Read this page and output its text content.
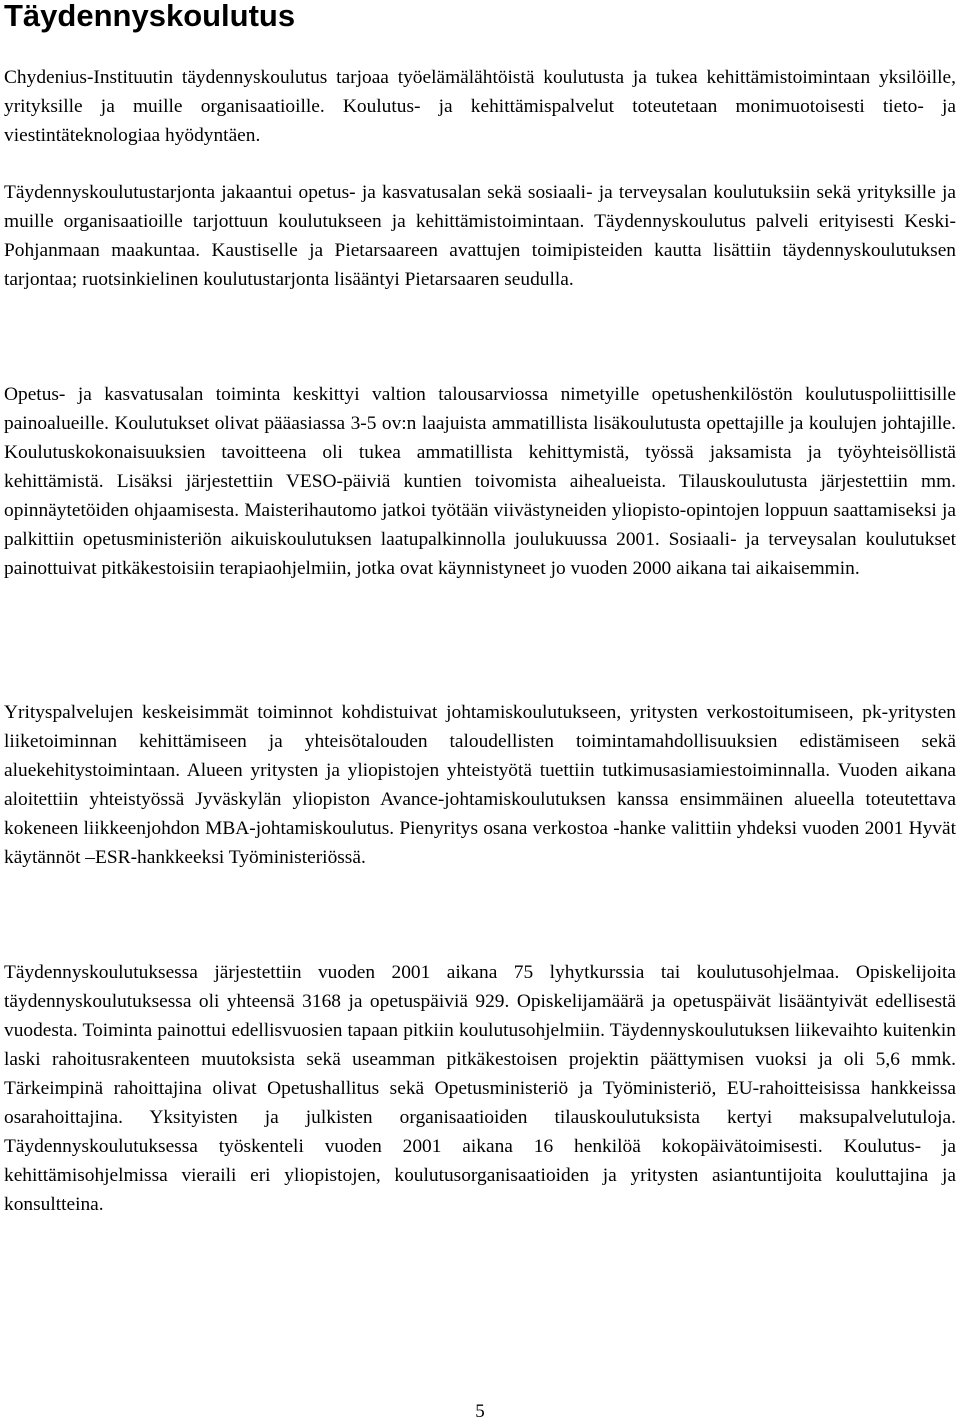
Täydennyskoulutus

Chydenius-Instituutin täydennyskoulutus tarjoaa työelämälähtöistä koulutusta ja tukea kehittämistoimintaan yksilöille, yrityksille ja muille organisaatioille. Koulutus- ja kehittämispalvelut toteutetaan monimuotoisesti tieto- ja viestintäteknologiaa hyödyntäen.

Täydennyskoulutustarjonta jakaantui opetus- ja kasvatusalan sekä sosiaali- ja terveysalan koulutuksiin sekä yrityksille ja muille organisaatioille tarjottuun koulutukseen ja kehittämistoimintaan. Täydennyskoulutus palveli erityisesti Keski-Pohjanmaan maakuntaa. Kaustiselle ja Pietarsaareen avattujen toimipisteiden kautta lisättiin täydennyskoulutuksen tarjontaa; ruotsinkielinen koulutustarjonta lisääntyi Pietarsaaren seudulla.

Opetus- ja kasvatusalan toiminta keskittyi valtion talousarviossa nimetyille opetushenkilöstön koulutuspoliittisille painoalueille. Koulutukset olivat pääasiassa 3-5 ov:n laajuista ammatillista lisäkoulutusta opettajille ja koulujen johtajille. Koulutuskokonaisuuksien tavoitteena oli tukea ammatillista kehittymistä, työssä jaksamista ja työyhteisöllistä kehittämistä. Lisäksi järjestettiin VESO-päiviä kuntien toivomista aihealueista. Tilauskoulutusta järjestettiin mm. opinnäytetöiden ohjaamisesta. Maisterihautomo jatkoi työtään viivästyneiden yliopisto-opintojen loppuun saattamiseksi ja palkittiin opetusministeriön aikuiskoulutuksen laatupalkinnolla joulukuussa 2001. Sosiaali- ja terveysalan koulutukset painottuivat pitkäkestoisiin terapiaohjelmiin, jotka ovat käynnistyneet jo vuoden 2000 aikana tai aikaisemmin.

Yrityspalvelujen keskeisimmät toiminnot kohdistuivat johtamiskoulutukseen, yritysten verkostoitumiseen, pk-yritysten liiketoiminnan kehittämiseen ja yhteisötalouden taloudellisten toimintamahdollisuuksien edistämiseen sekä aluekehitystoimintaan. Alueen yritysten ja yliopistojen yhteistyötä tuettiin tutkimusasiamiestoiminnalla. Vuoden aikana aloitettiin yhteistyössä Jyväskylän yliopiston Avance-johtamiskoulutuksen kanssa ensimmäinen alueella toteutettava kokeneen liikkeenjohdon MBA-johtamiskoulutus. Pienyritys osana verkostoa -hanke valittiin yhdeksi vuoden 2001 Hyvät käytännöt –ESR-hankkeeksi Työministeriössä.

Täydennyskoulutuksessa järjestettiin vuoden 2001 aikana 75 lyhytkurssia tai koulutusohjelmaa. Opiskelijoita täydennyskoulutuksessa oli yhteensä 3168 ja opetuspäiviä 929. Opiskelijamäärä ja opetuspäivät lisääntyivät edellisestä vuodesta. Toiminta painottui edellisvuosien tapaan pitkiin koulutusohjelmiin. Täydennyskoulutuksen liikevaihto kuitenkin laski rahoitusrakenteen muutoksista sekä useamman pitkäkestoisen projektin päättymisen vuoksi ja oli 5,6 mmk. Tärkeimpinä rahoittajina olivat Opetushallitus sekä Opetusministeriö ja Työministeriö, EU-rahoitteisissa hankkeissa osarahoittajina. Yksityisten ja julkisten organisaatioiden tilauskoulutuksista kertyi maksupalvelutuloja. Täydennyskoulutuksessa työskenteli vuoden 2001 aikana 16 henkilöä kokopäivätoimisesti. Koulutus- ja kehittämisohjelmissa vieraili eri yliopistojen, koulutusorganisaatioiden ja yritysten asiantuntijoita kouluttajina ja konsultteina.

5
